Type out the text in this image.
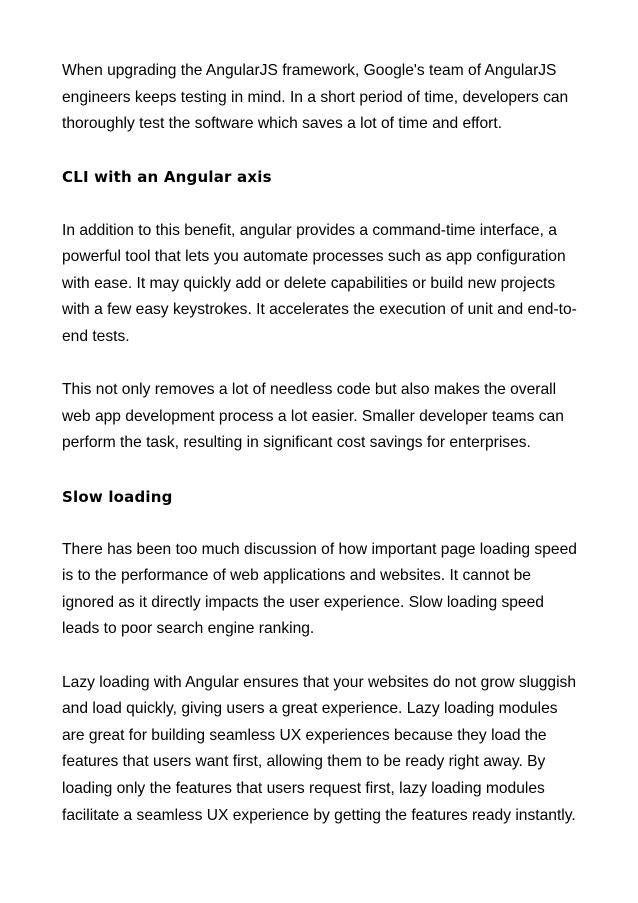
When upgrading the AngularJS framework, Google's team of AngularJS engineers keeps testing in mind. In a short period of time, developers can thoroughly test the software which saves a lot of time and effort.

CLI with an Angular axis

In addition to this benefit, angular provides a command-time interface, a powerful tool that lets you automate processes such as app configuration with ease. It may quickly add or delete capabilities or build new projects with a few easy keystrokes. It accelerates the execution of unit and end-to-end tests.

This not only removes a lot of needless code but also makes the overall web app development process a lot easier. Smaller developer teams can perform the task, resulting in significant cost savings for enterprises.

Slow loading

There has been too much discussion of how important page loading speed is to the performance of web applications and websites. It cannot be ignored as it directly impacts the user experience. Slow loading speed leads to poor search engine ranking.

Lazy loading with Angular ensures that your websites do not grow sluggish and load quickly, giving users a great experience. Lazy loading modules are great for building seamless UX experiences because they load the features that users want first, allowing them to be ready right away. By loading only the features that users request first, lazy loading modules facilitate a seamless UX experience by getting the features ready instantly.
